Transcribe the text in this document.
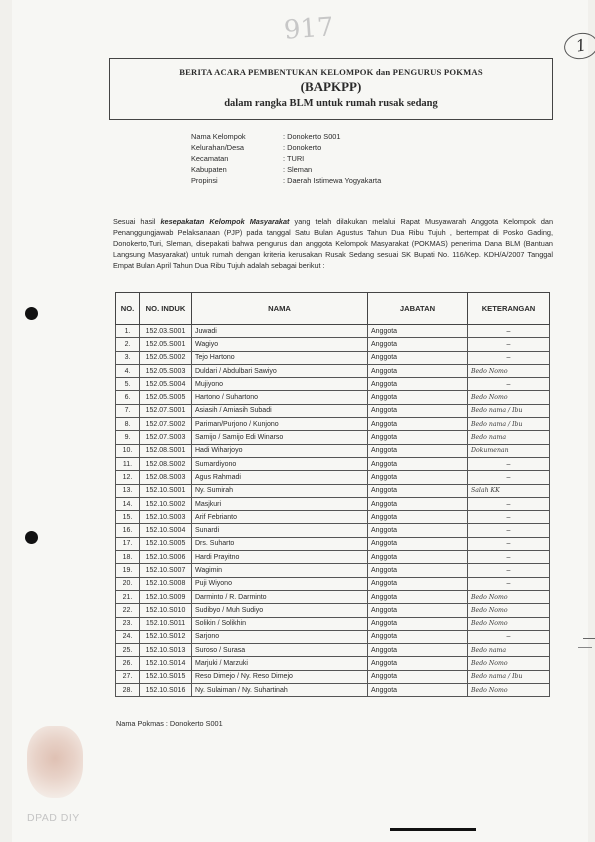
917	1
BERITA ACARA PEMBENTUKAN KELOMPOK dan PENGURUS POKMAS
(BAPKPP)
dalam rangka BLM untuk rumah rusak sedang
Nama Kelompok	: Donokerto S001
Kelurahan/Desa	: Donokerto
Kecamatan	: TURI
Kabupaten	: Sleman
Propinsi	: Daerah Istimewa Yogyakarta
Sesuai hasil kesepakatan Kelompok Masyarakat yang telah dilakukan melalui Rapat Musyawarah Anggota Kelompok dan Penanggungjawab Pelaksanaan (PJP) pada tanggal Satu Bulan Agustus Tahun Dua Ribu Tujuh , bertempat di Posko Gading, Donokerto,Turi, Sleman, disepakati bahwa pengurus dan anggota Kelompok Masyarakat (POKMAS) penerima Dana BLM (Bantuan Langsung Masyarakat) untuk rumah dengan kriteria kerusakan Rusak Sedang sesuai SK Bupati No. 116/Kep. KDH/A/2007 Tanggal Empat Bulan April Tahun Dua Ribu Tujuh adalah sebagai berikut :
NO.	NO. INDUK	NAMA	JABATAN	KETERANGAN
1.	152.03.S001	Juwadi	Anggota	–
2.	152.05.S001	Wagiyo	Anggota	–
3.	152.05.S002	Tejo Hartono	Anggota	–
4.	152.05.S003	Duldari / Abdulbari Sawiyo	Anggota	Bedo Nomo
5.	152.05.S004	Mujiyono	Anggota	–
6.	152.05.S005	Hartono / Suhartono	Anggota	Bedo Nomo
7.	152.07.S001	Asiasih / Amiasih Subadi	Anggota	Bedo nama / Ibu
8.	152.07.S002	Pariman/Purjono / Kunjono	Anggota	Bedo nama / Ibu
9.	152.07.S003	Samijo / Samijo Edi Winarso	Anggota	Bedo nama
10.	152.08.S001	Hadi Wiharjoyo	Anggota	Dokumenan
11.	152.08.S002	Sumardiyono	Anggota	–
12.	152.08.S003	Agus Rahmadi	Anggota	–
13.	152.10.S001	Ny. Sumirah	Anggota	Salah KK
14.	152.10.S002	Masjkuri	Anggota	–
15.	152.10.S003	Arif Febrianto	Anggota	–
16.	152.10.S004	Sunardi	Anggota	–
17.	152.10.S005	Drs. Suharto	Anggota	–
18.	152.10.S006	Hardi Prayitno	Anggota	–
19.	152.10.S007	Wagimin	Anggota	–
20.	152.10.S008	Puji Wiyono	Anggota	–
21.	152.10.S009	Darminto / R. Darminto	Anggota	Bedo Nomo
22.	152.10.S010	Sudibyo / Muh Sudiyo	Anggota	Bedo Nomo
23.	152.10.S011	Solikin / Solikhin	Anggota	Bedo Nomo
24.	152.10.S012	Sarjono	Anggota	–
25.	152.10.S013	Suroso / Surasa	Anggota	Bedo nama
26.	152.10.S014	Marjuki / Marzuki	Anggota	Bedo Nomo
27.	152.10.S015	Reso Dimejo / Ny. Reso Dimejo	Anggota	Bedo nama / Ibu
28.	152.10.S016	Ny. Sulaiman / Ny. Suhartinah	Anggota	Bedo Nomo
Nama Pokmas : Donokerto S001
DPAD DIY
